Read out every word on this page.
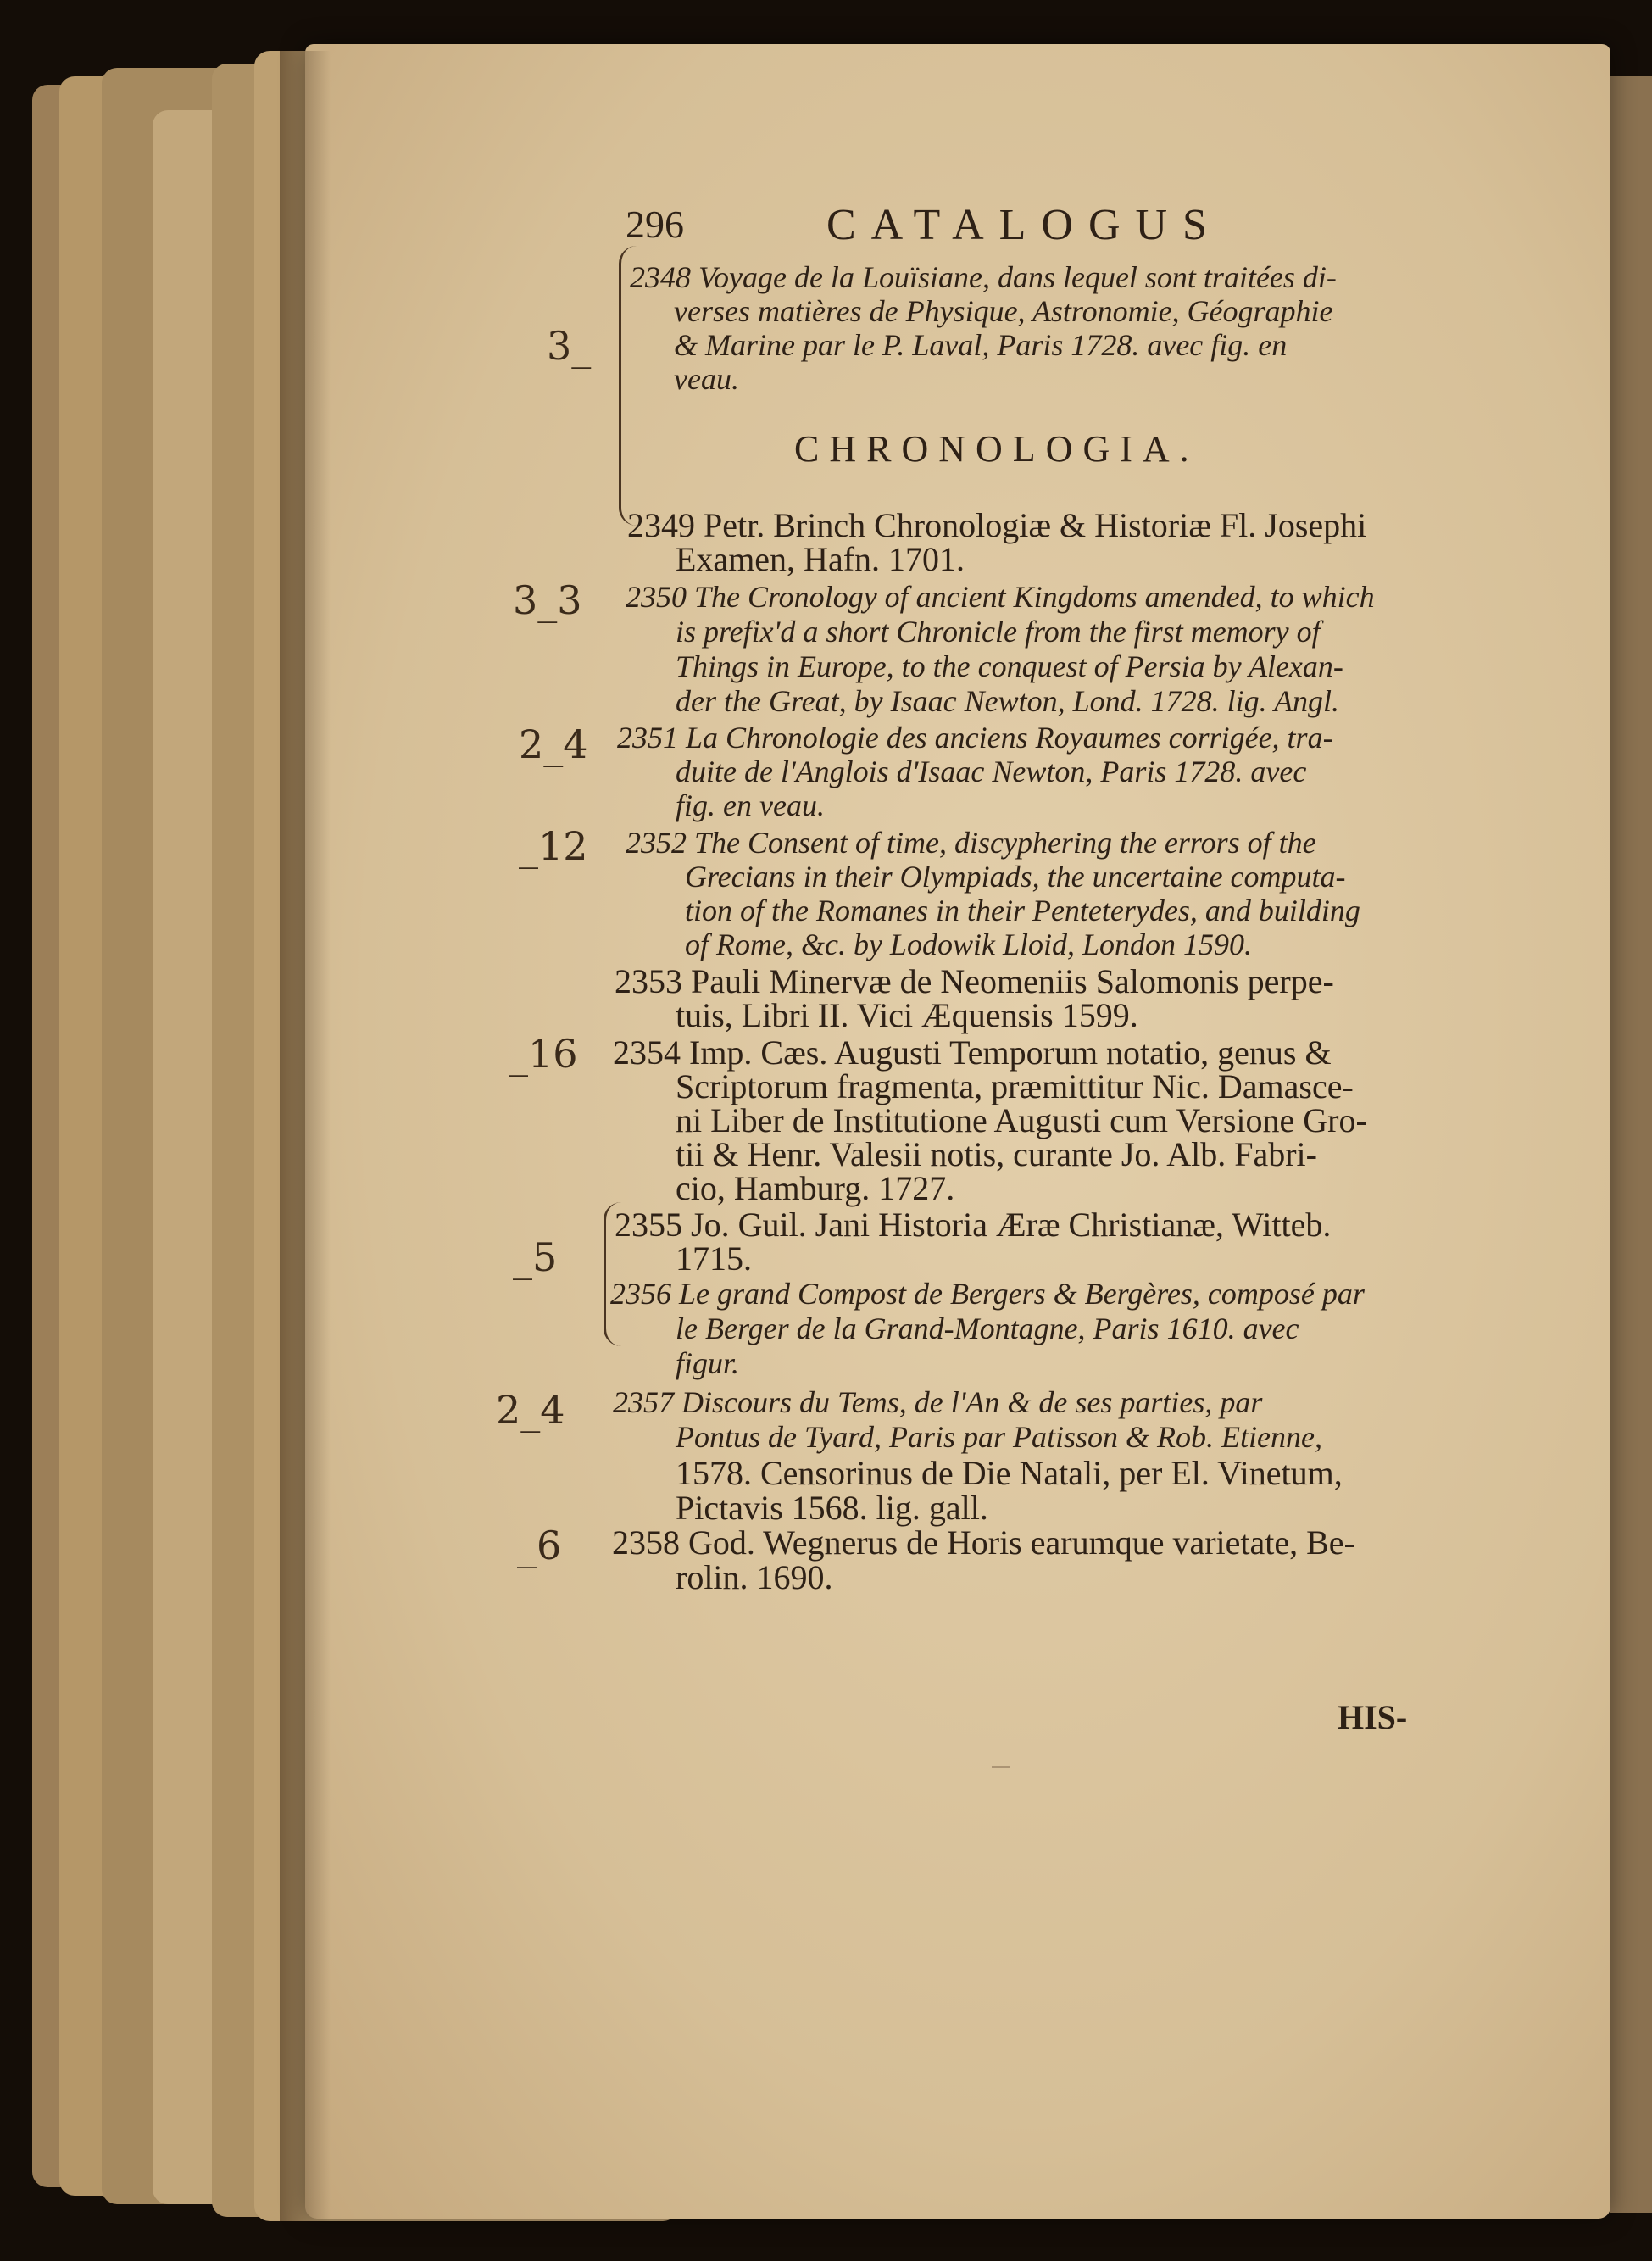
296	CATALOGUS
3_
3_3
2_4
_12
_16
_5
2_4
_6
2348 Voyage de la Louïsiane, dans lequel sont traitées di-
verses matières de Physique, Astronomie, Géographie
& Marine par le P. Laval, Paris 1728. avec fig. en
veau.
CHRONOLOGIA.
2349 Petr. Brinch Chronologiæ & Historiæ Fl. Josephi
Examen, Hafn. 1701.
2350 The Cronology of ancient Kingdoms amended, to which
is prefix'd a short Chronicle from the first memory of
Things in Europe, to the conquest of Persia by Alexan-
der the Great, by Isaac Newton, Lond. 1728. lig. Angl.
2351 La Chronologie des anciens Royaumes corrigée, tra-
duite de l'Anglois d'Isaac Newton, Paris 1728. avec
fig. en veau.
2352 The Consent of time, discyphering the errors of the
Grecians in their Olympiads, the uncertaine computa-
tion of the Romanes in their Penteterydes, and building
of Rome, &c. by Lodowik Lloid, London 1590.
2353 Pauli Minervæ de Neomeniis Salomonis perpe-
tuis, Libri II. Vici Æquensis 1599.
2354 Imp. Cæs. Augusti Temporum notatio, genus &
Scriptorum fragmenta, præmittitur Nic. Damasce-
ni Liber de Institutione Augusti cum Versione Gro-
tii & Henr. Valesii notis, curante Jo. Alb. Fabri-
cio, Hamburg. 1727.
2355 Jo. Guil. Jani Historia Æræ Christianæ, Witteb.
1715.
2356 Le grand Compost de Bergers & Bergères, composé par
le Berger de la Grand-Montagne, Paris 1610. avec
figur.
2357 Discours du Tems, de l'An & de ses parties, par
Pontus de Tyard, Paris par Patisson & Rob. Etienne,
1578. Censorinus de Die Natali, per El. Vinetum,
Pictavis 1568. lig. gall.
2358 God. Wegnerus de Horis earumque varietate, Be-
rolin. 1690.
HIS-
